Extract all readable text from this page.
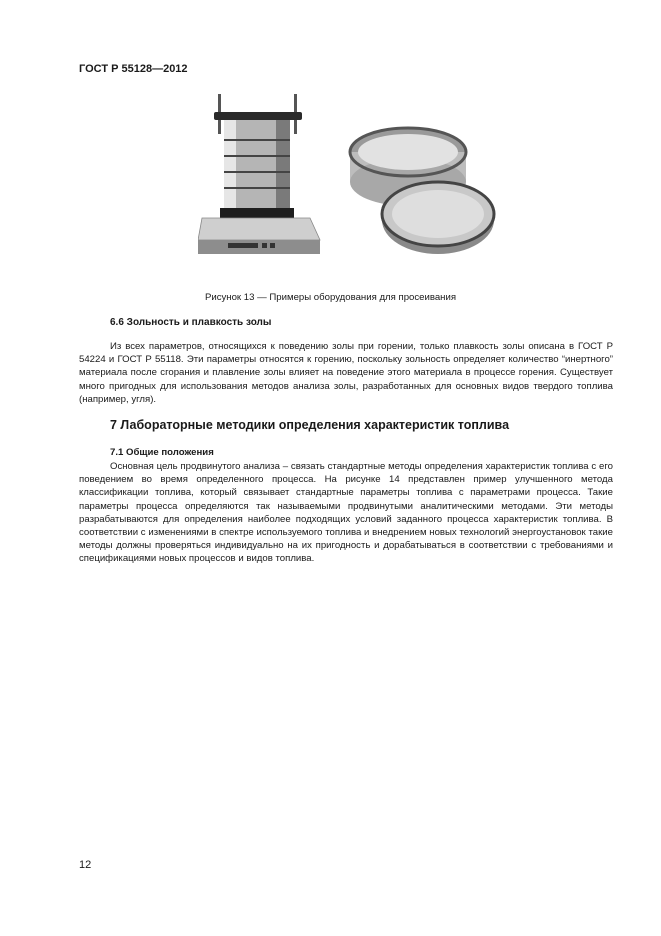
ГОСТ Р 55128—2012
Рисунок 13 — Примеры оборудования для просеивания
6.6 Зольность и плавкость золы

Из всех параметров, относящихся к поведению золы при горении, только плавкость золы описана в ГОСТ Р 54224 и ГОСТ Р 55118. Эти параметры относятся к горению, поскольку зольность определяет количество “инертного” материала после сгорания и плавление золы влияет на поведение этого материала в процессе горения. Существует много пригодных для использования методов анализа золы, разработанных для основных видов твердого топлива (например, угля).

7 Лабораторные методики определения характеристик топлива
7.1 Общие положения

Основная цель продвинутого анализа – связать стандартные методы определения характеристик топлива с его поведением во время определенного процесса. На рисунке 14 представлен пример улучшенного метода классификации топлива, который связывает стандартные параметры топлива с параметрами процесса. Такие параметры процесса определяются так называемыми продвинутыми аналитическими методами. Эти методы разрабатываются для определения наиболее подходящих условий заданного процесса характеристик топлива. В соответствии с изменениями в спектре используемого топлива и внедрением новых технологий энергоустановок такие методы должны проверяться индивидуально на их пригодность и дорабатываться в соответствии с требованиями и спецификациями новых процессов и видов топлива.

12
